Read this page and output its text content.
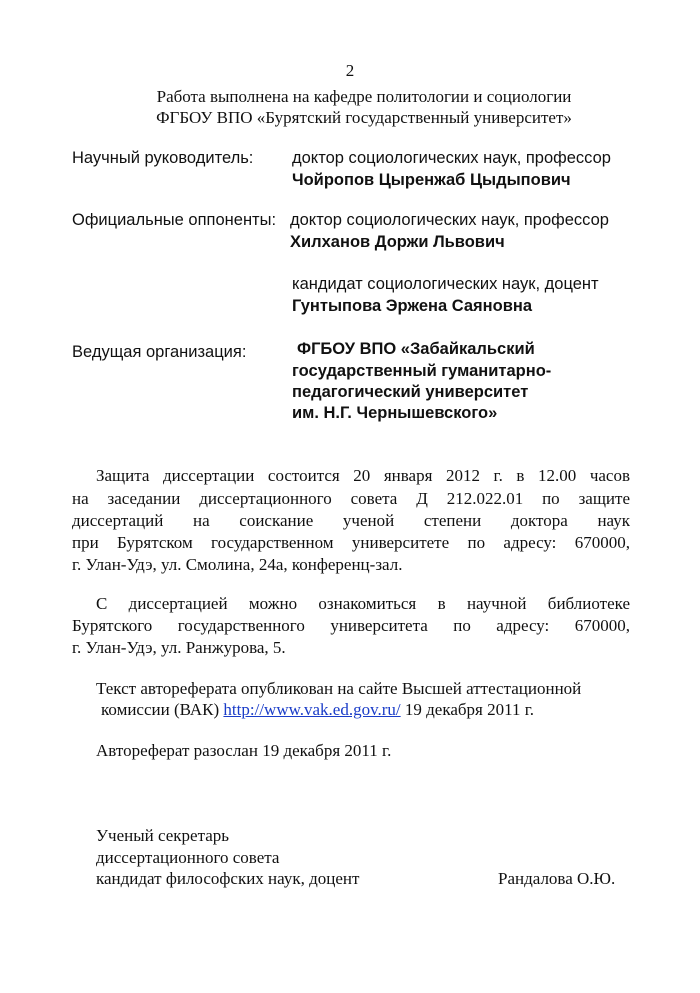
2
Работа выполнена на кафедре политологии и социологии
ФГБОУ ВПО «Бурятский государственный университет»
Научный руководитель: доктор социологических наук, профессор
Чойропов Цыренжаб Цыдыпович
Официальные оппоненты: доктор социологических наук, профессор
Хилханов Доржи Львович
кандидат социологических наук, доцент
Гунтыпова Эржена Саяновна
Ведущая организация:	ФГБОУ ВПО «Забайкальский
государственный гуманитарно-
педагогический университет
им. Н.Г. Чернышевского»
Защита диссертации состоится 20 января 2012 г. в 12.00 часов
на заседании диссертационного совета Д 212.022.01 по защите
диссертаций на соискание ученой степени доктора наук
при Бурятском государственном университете по адресу: 670000,
г. Улан-Удэ, ул. Смолина, 24а, конференц-зал.
С диссертацией можно ознакомиться в научной библиотеке
Бурятского государственного университета по адресу: 670000,
г. Улан-Удэ, ул. Ранжурова, 5.
Текст автореферата опубликован на сайте Высшей аттестационной
комиссии (ВАК) http://www.vak.ed.gov.ru/ 19 декабря 2011 г.
Автореферат разослан 19 декабря 2011 г.
Ученый секретарь
диссертационного совета
кандидат философских наук, доцент	Рандалова О.Ю.
